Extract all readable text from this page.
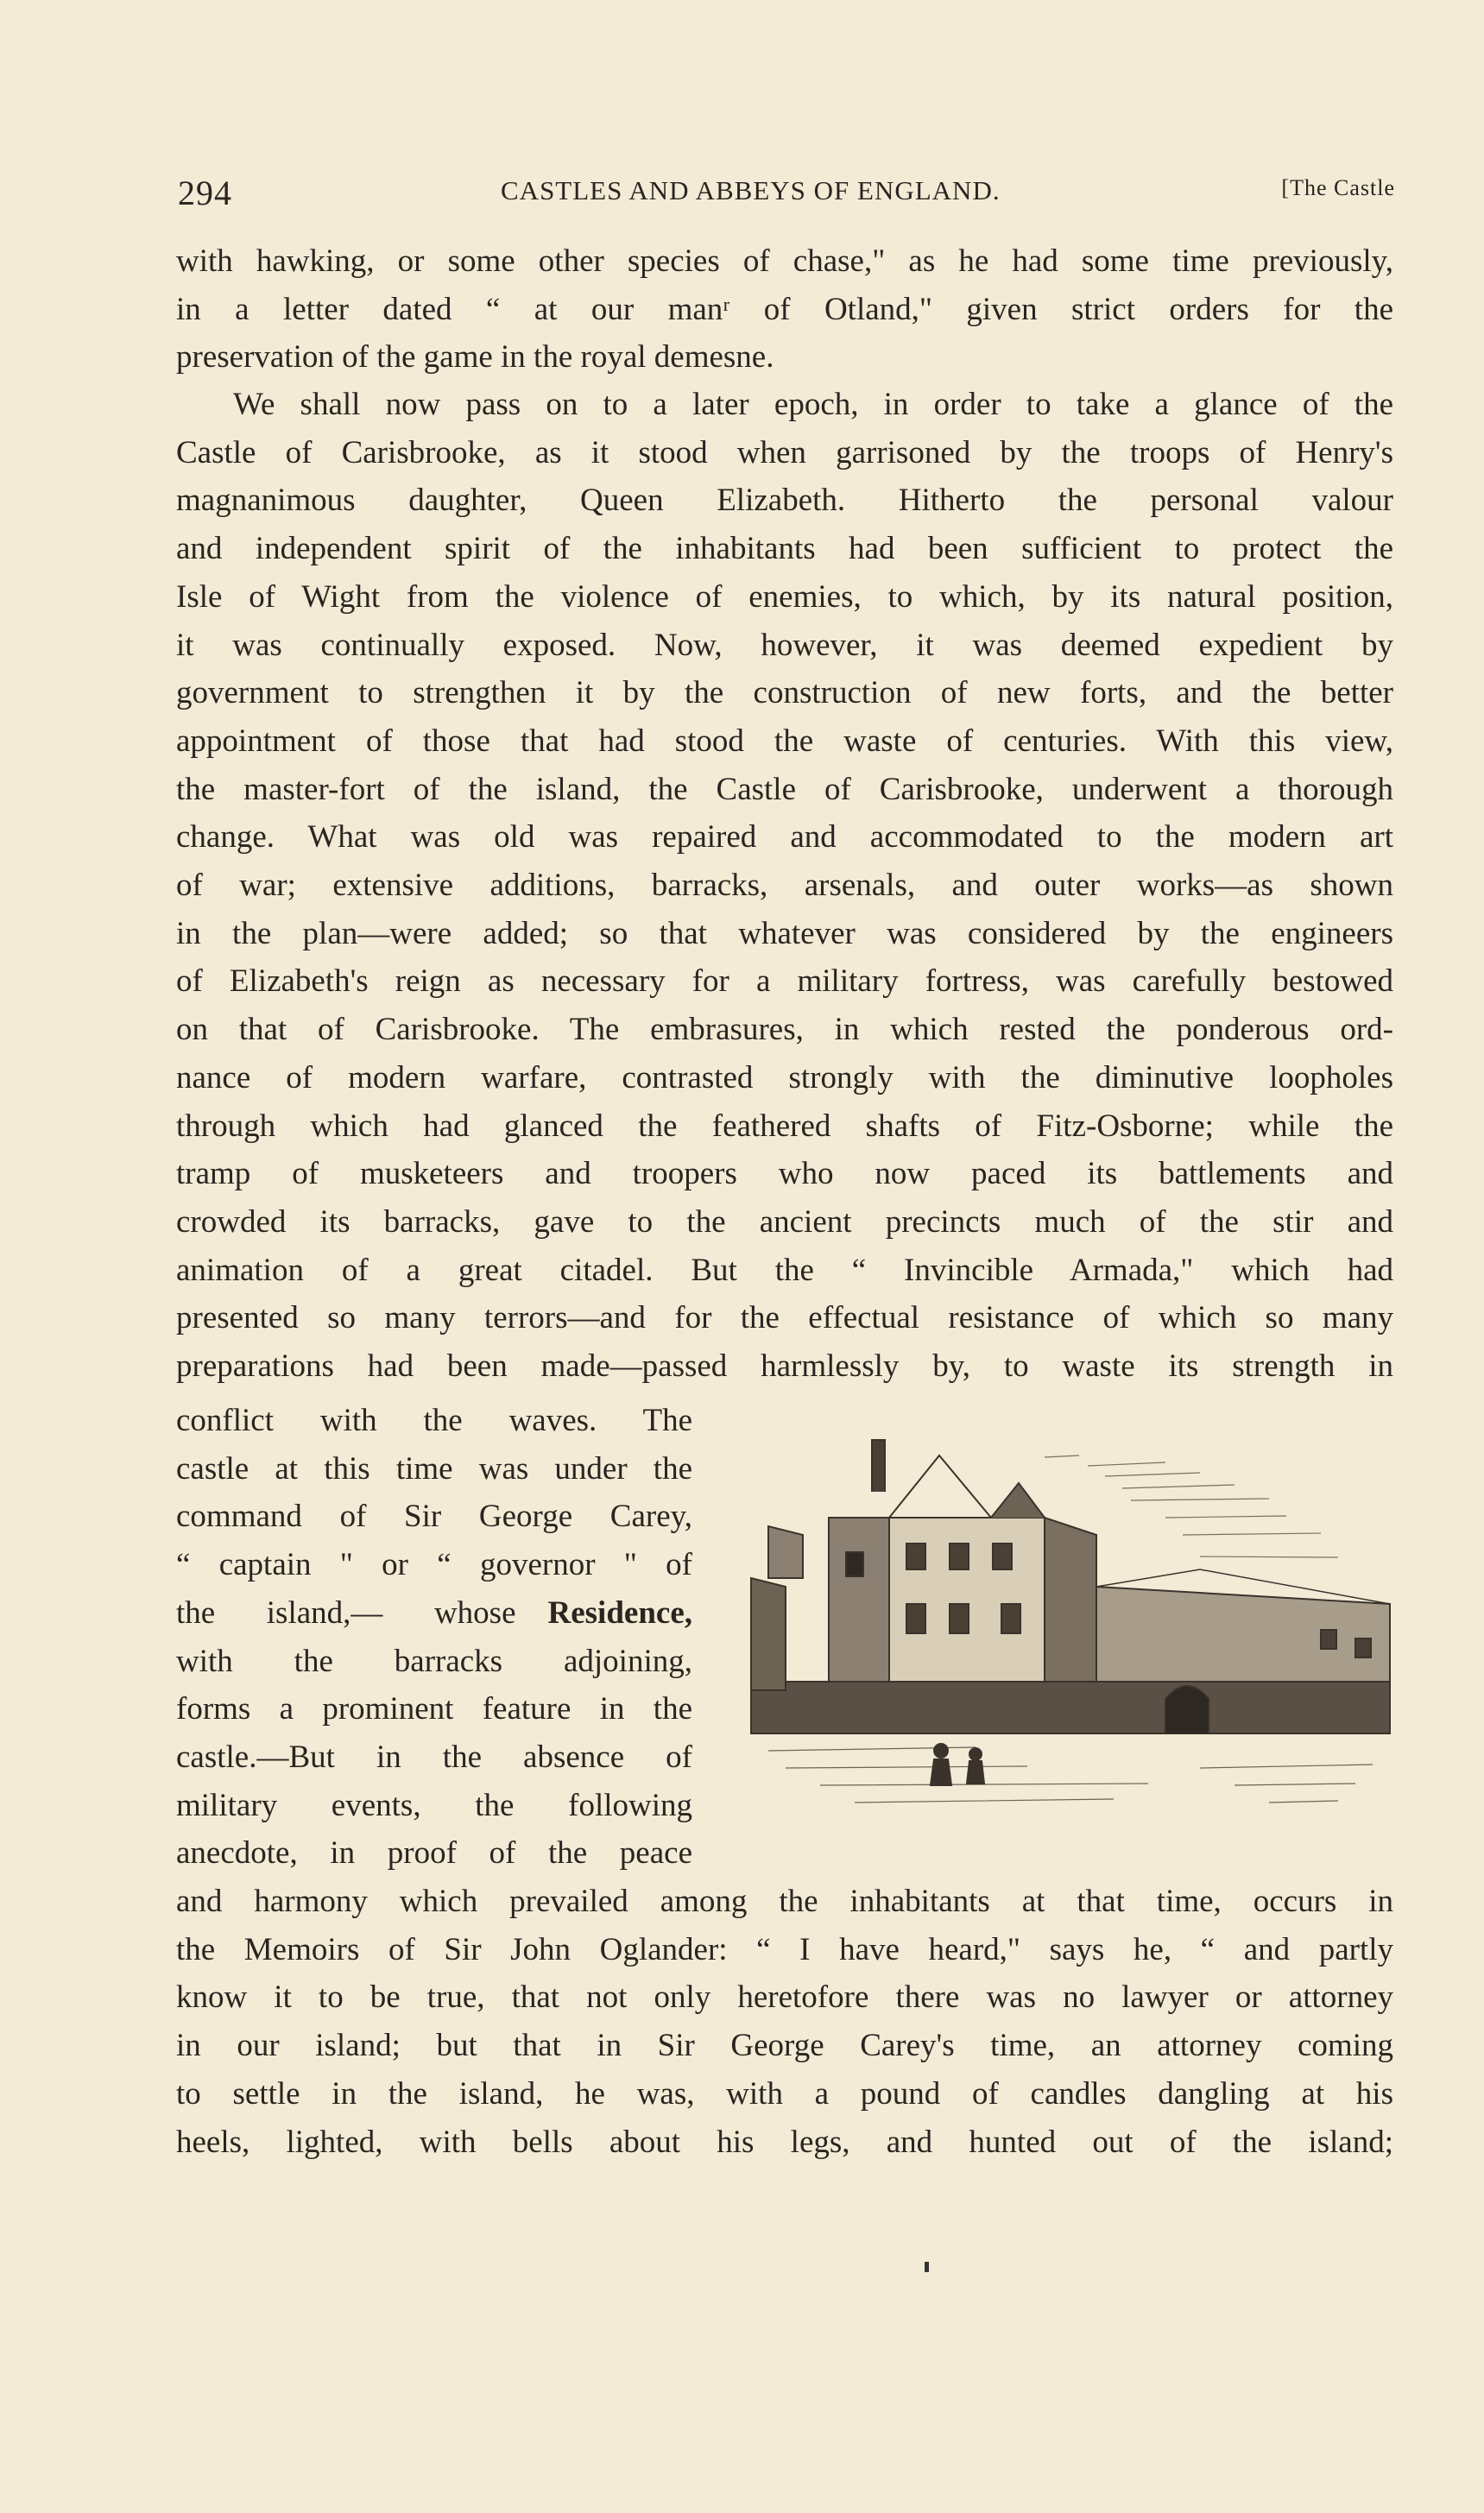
294	CASTLES AND ABBEYS OF ENGLAND.	[The Castle
with hawking, or some other species of chase," as he had some time previously,
in a letter dated “ at our manʳ of Otland," given strict orders for the
preservation of the game in the royal demesne.
We shall now pass on to a later epoch, in order to take a glance of the
Castle of Carisbrooke, as it stood when garrisoned by the troops of Henry's
magnanimous daughter, Queen Elizabeth. Hitherto the personal valour
and independent spirit of the inhabitants had been sufficient to protect the
Isle of Wight from the violence of enemies, to which, by its natural position,
it was continually exposed. Now, however, it was deemed expedient by
government to strengthen it by the construction of new forts, and the better
appointment of those that had stood the waste of centuries. With this view,
the master-fort of the island, the Castle of Carisbrooke, underwent a thorough
change. What was old was repaired and accommodated to the modern art
of war; extensive additions, barracks, arsenals, and outer works—as shown
in the plan—were added; so that whatever was considered by the engineers
of Elizabeth's reign as necessary for a military fortress, was carefully bestowed
on that of Carisbrooke. The embrasures, in which rested the ponderous ord-
nance of modern warfare, contrasted strongly with the diminutive loopholes
through which had glanced the feathered shafts of Fitz-Osborne; while the
tramp of musketeers and troopers who now paced its battlements and
crowded its barracks, gave to the ancient precincts much of the stir and
animation of a great citadel. But the “ Invincible Armada," which had
presented so many terrors—and for the effectual resistance of which so many
preparations had been made—passed harmlessly by, to waste its strength in
conflict with the waves. The
castle at this time was under the
command of Sir George Carey,
“ captain " or “ governor " of
the island,— whose  Residence,
with the barracks adjoining,
forms a prominent feature in the
castle.—But in the absence of
military events, the following
anecdote, in proof of the peace
and harmony which prevailed among the inhabitants at that time, occurs in
the Memoirs of Sir John Oglander: “ I have heard," says he, “ and partly
know it to be true, that not only heretofore there was no lawyer or attorney
in our island; but that in Sir George Carey's time, an attorney coming
to settle in the island, he was, with a pound of candles dangling at his
heels, lighted, with bells about his legs, and hunted out of the island;
